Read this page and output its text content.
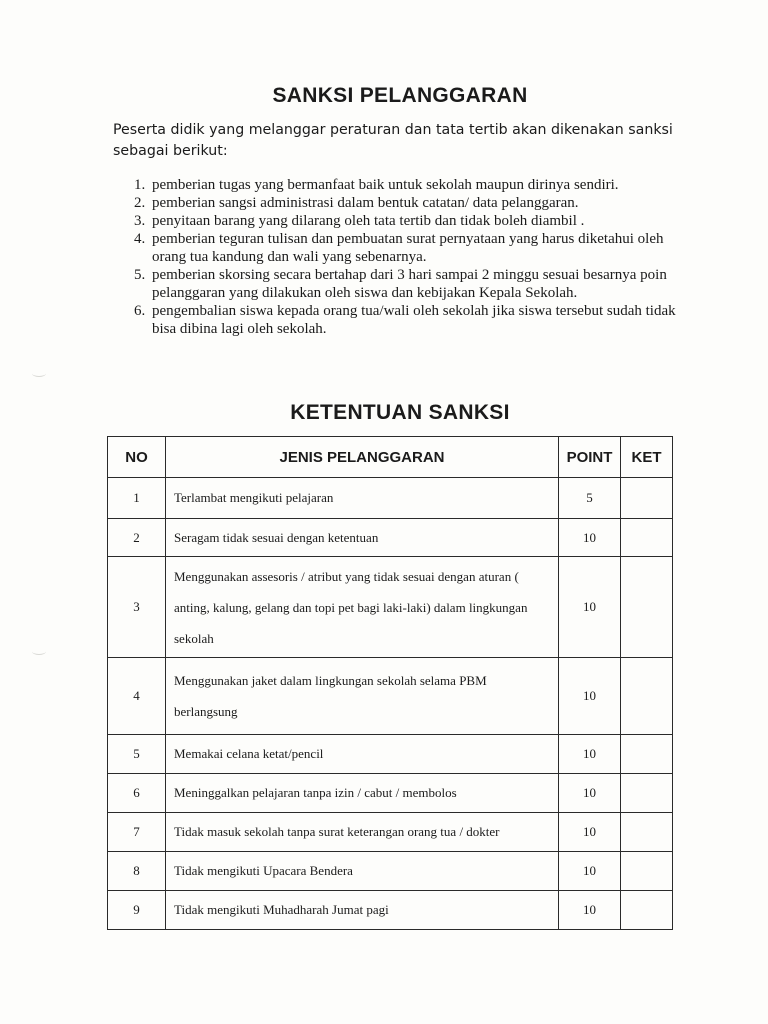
SANKSI PELANGGARAN
Peserta didik yang melanggar peraturan dan tata tertib akan dikenakan sanksi sebagai berikut:
1. pemberian tugas yang bermanfaat baik untuk sekolah maupun dirinya sendiri.
2. pemberian sangsi administrasi dalam bentuk catatan/ data pelanggaran.
3. penyitaan barang yang dilarang oleh tata tertib dan tidak boleh diambil .
4. pemberian teguran tulisan dan pembuatan surat pernyataan yang harus diketahui oleh orang tua kandung dan wali yang sebenarnya.
5. pemberian skorsing secara bertahap dari 3 hari sampai 2 minggu sesuai besarnya poin pelanggaran yang dilakukan oleh siswa dan kebijakan Kepala Sekolah.
6. pengembalian siswa kepada orang tua/wali oleh sekolah jika siswa tersebut sudah tidak bisa dibina lagi oleh sekolah.
KETENTUAN SANKSI
NO	JENIS PELANGGARAN	POINT	KET
1	Terlambat mengikuti pelajaran	5	
2	Seragam tidak sesuai dengan ketentuan	10	
3	Menggunakan assesoris / atribut yang tidak sesuai dengan aturan ( anting, kalung, gelang dan topi pet bagi laki-laki) dalam lingkungan sekolah	10	
4	Menggunakan jaket dalam lingkungan sekolah selama PBM berlangsung	10	
5	Memakai celana ketat/pencil	10	
6	Meninggalkan pelajaran tanpa izin / cabut / membolos	10	
7	Tidak masuk sekolah tanpa surat keterangan orang tua / dokter	10	
8	Tidak mengikuti Upacara Bendera	10	
9	Tidak mengikuti Muhadharah Jumat pagi	10	
